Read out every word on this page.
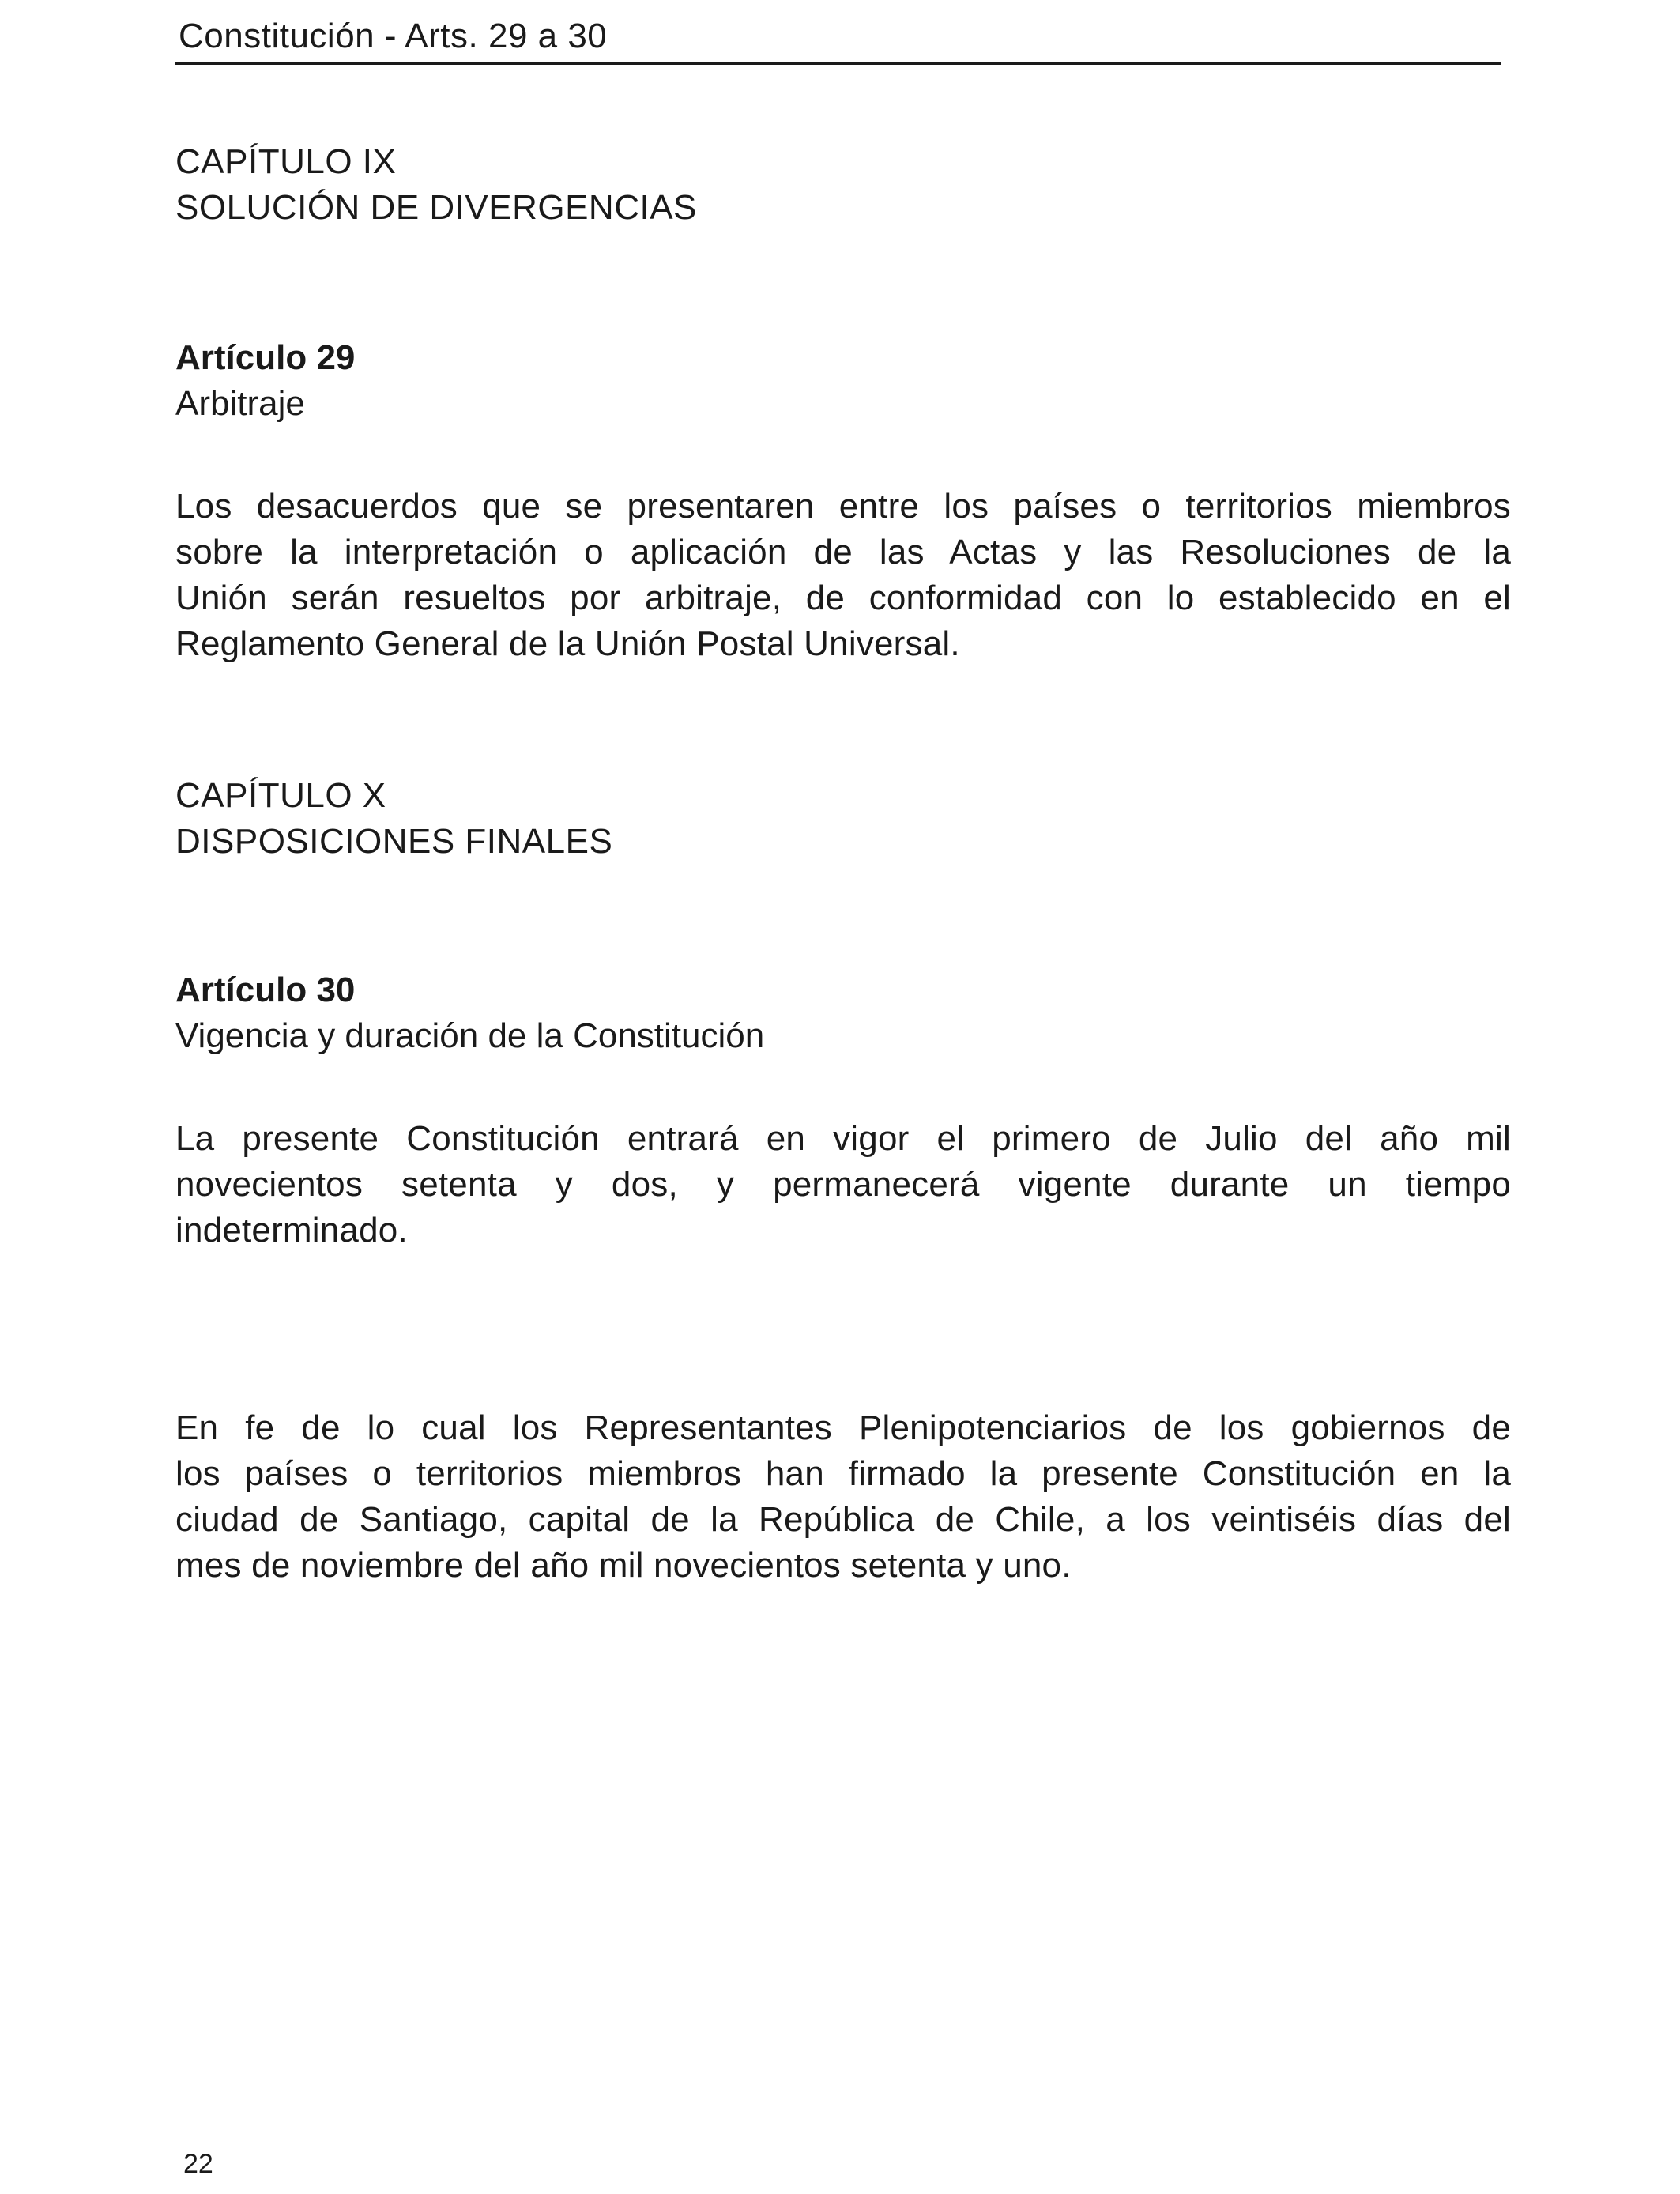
Constitución - Arts. 29 a 30
CAPÍTULO IX
SOLUCIÓN DE DIVERGENCIAS
Artículo 29
Arbitraje
Los desacuerdos que se presentaren entre los países o territorios miembros
sobre la interpretación o aplicación de las Actas y las Resoluciones de la
Unión serán resueltos por arbitraje, de conformidad con lo establecido en el
Reglamento General de la Unión Postal Universal.
CAPÍTULO X
DISPOSICIONES FINALES
Artículo 30
Vigencia y duración de la Constitución
La presente Constitución entrará en vigor el primero de Julio del año mil
novecientos setenta y dos, y permanecerá vigente durante un tiempo
indeterminado.
En fe de lo cual los Representantes Plenipotenciarios de los gobiernos de
los países o territorios miembros han firmado la presente Constitución en la
ciudad de Santiago, capital de la República de Chile, a los veintiséis días del
mes de noviembre del año mil novecientos setenta y uno.
22
